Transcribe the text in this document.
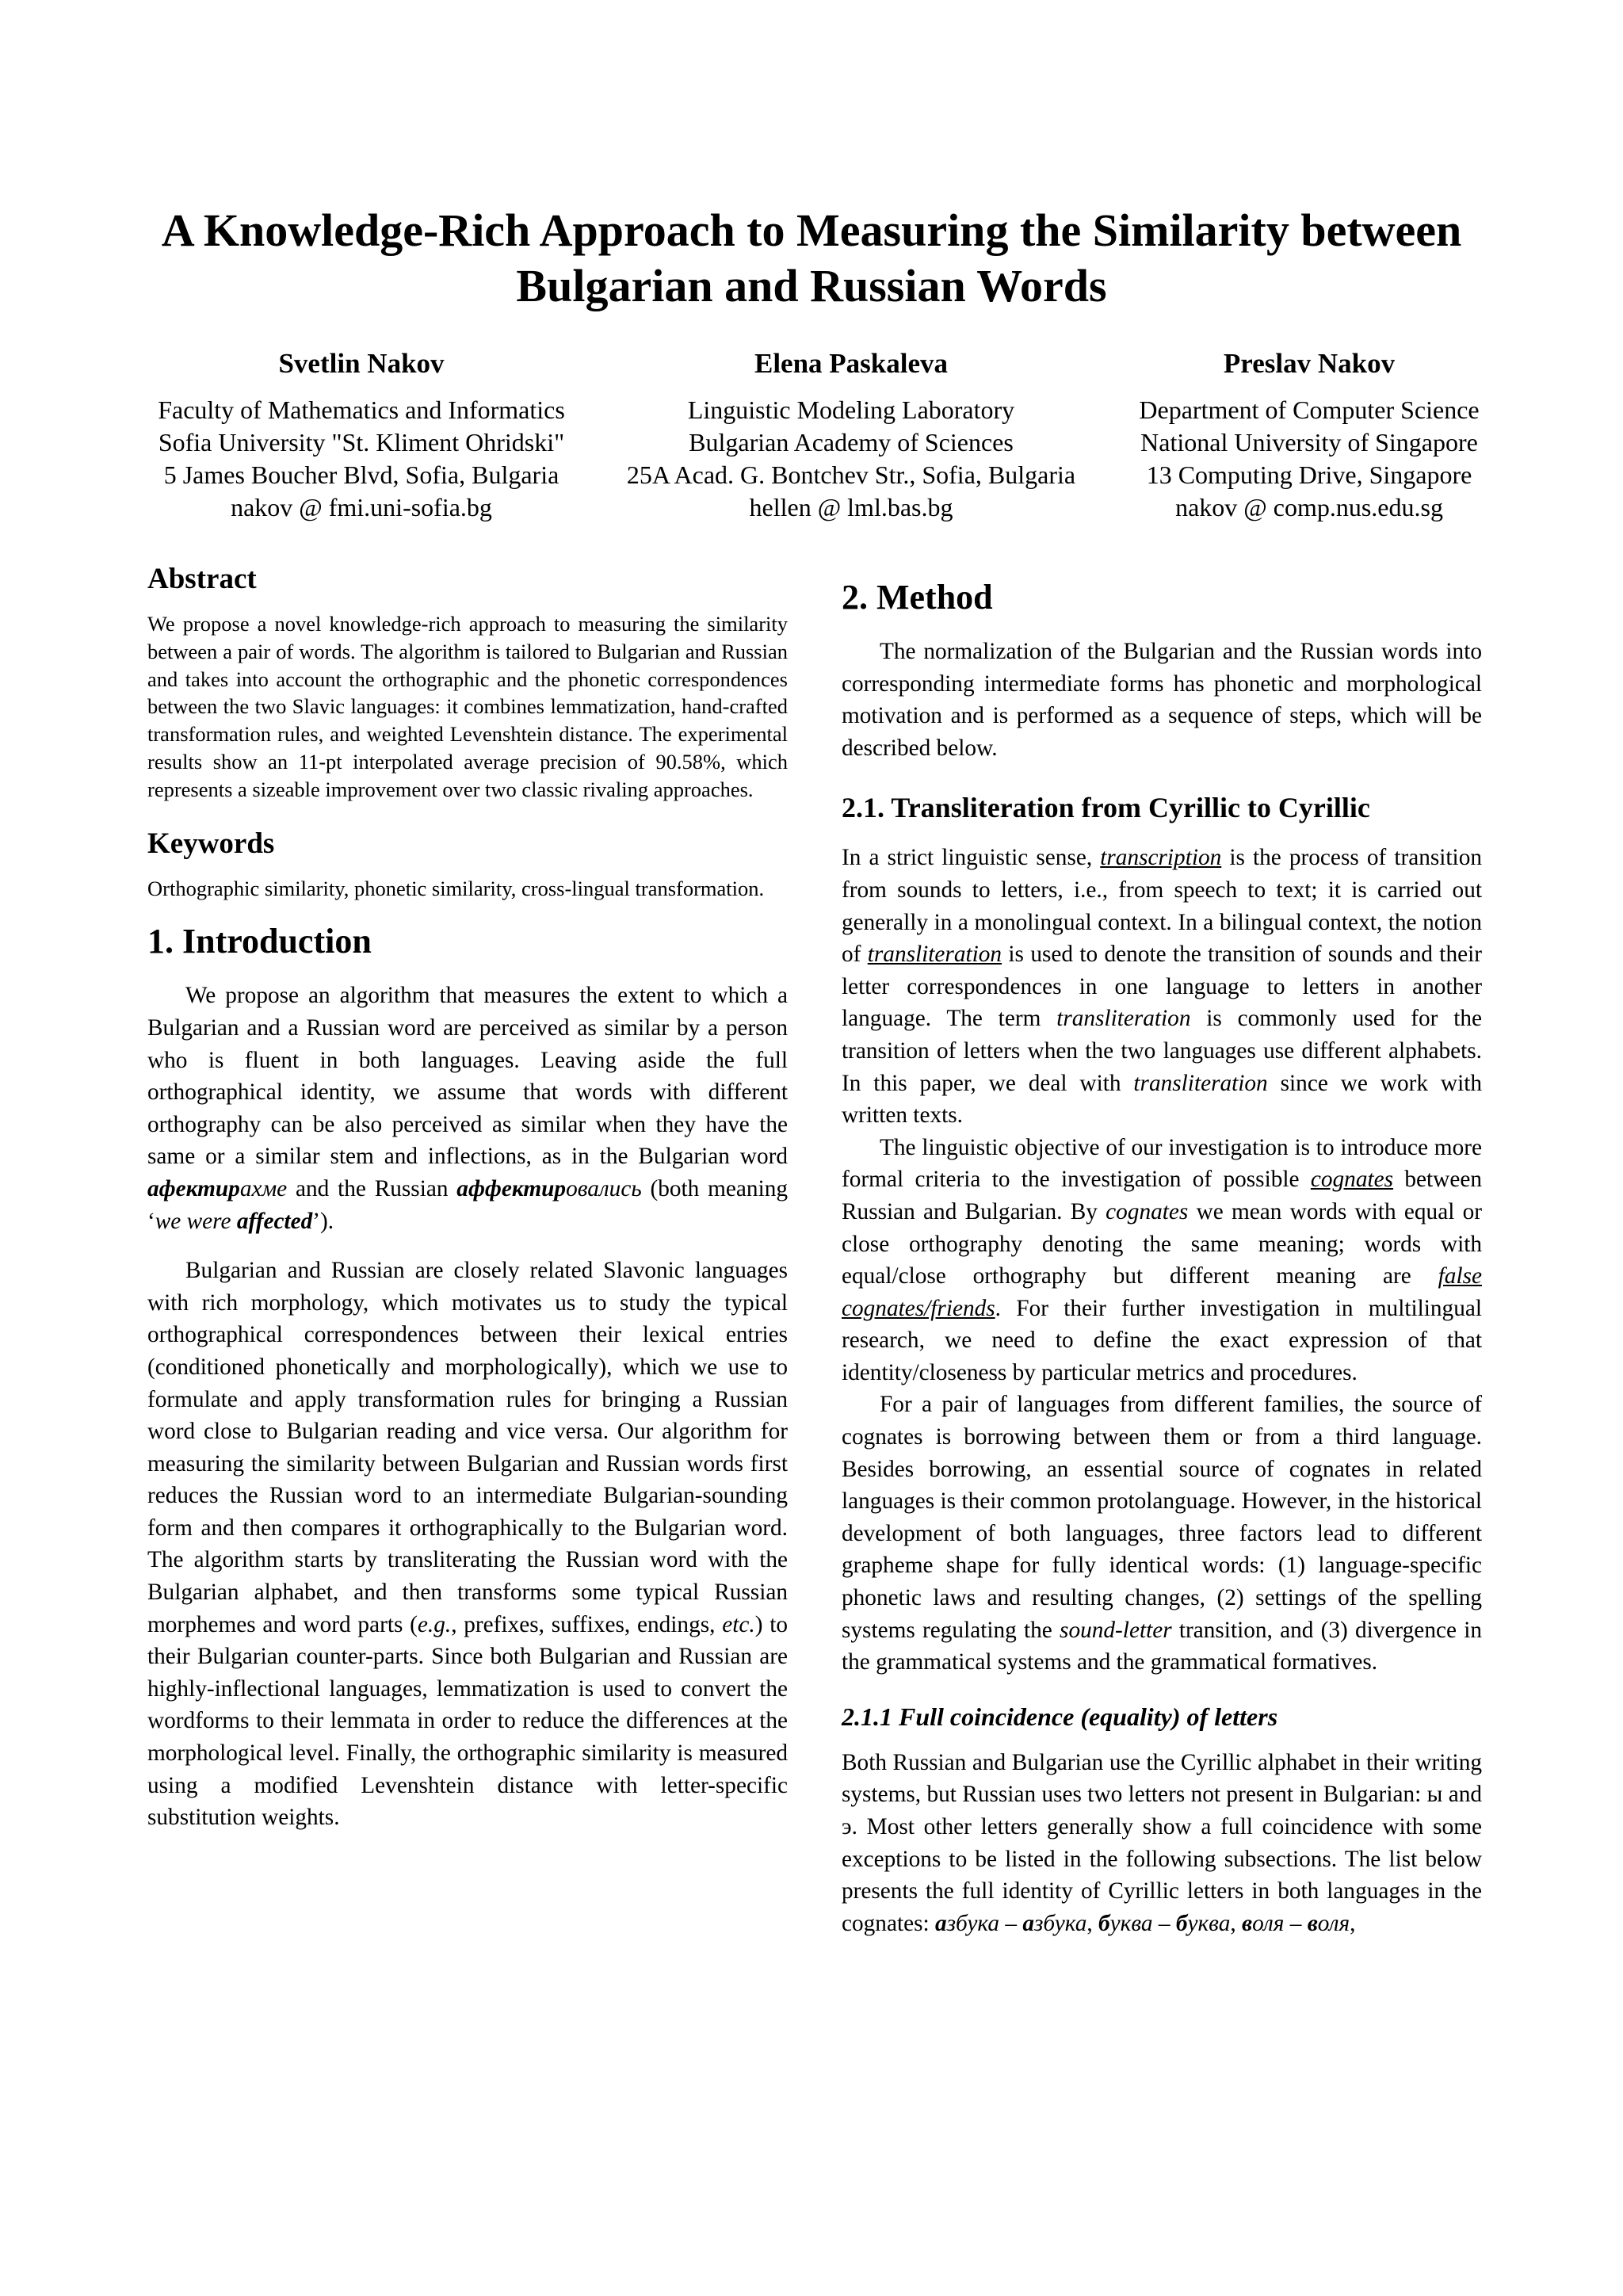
A Knowledge-Rich Approach to Measuring the Similarity between Bulgarian and Russian Words
Svetlin Nakov
Faculty of Mathematics and Informatics
Sofia University "St. Kliment Ohridski"
5 James Boucher Blvd, Sofia, Bulgaria
nakov @ fmi.uni-sofia.bg
Elena Paskaleva
Linguistic Modeling Laboratory
Bulgarian Academy of Sciences
25A Acad. G. Bontchev Str., Sofia, Bulgaria
hellen @ lml.bas.bg
Preslav Nakov
Department of Computer Science
National University of Singapore
13 Computing Drive, Singapore
nakov @ comp.nus.edu.sg
Abstract

We propose a novel knowledge-rich approach to measuring the similarity between a pair of words. The algorithm is tailored to Bulgarian and Russian and takes into account the orthographic and the phonetic correspondences between the two Slavic languages: it combines lemmatization, hand-crafted transformation rules, and weighted Levenshtein distance. The experimental results show an 11-pt interpolated average precision of 90.58%, which represents a sizeable improvement over two classic rivaling approaches.

Keywords

Orthographic similarity, phonetic similarity, cross-lingual transformation.

1. Introduction

We propose an algorithm that measures the extent to which a Bulgarian and a Russian word are perceived as similar by a person who is fluent in both languages. Leaving aside the full orthographical identity, we assume that words with different orthography can be also perceived as similar when they have the same or a similar stem and inflections, as in the Bulgarian word афектирахме and the Russian аффектировались (both meaning ‘we were affected’).

Bulgarian and Russian are closely related Slavonic languages with rich morphology, which motivates us to study the typical orthographical correspondences between their lexical entries (conditioned phonetically and morphologically), which we use to formulate and apply transformation rules for bringing a Russian word close to Bulgarian reading and vice versa. Our algorithm for measuring the similarity between Bulgarian and Russian words first reduces the Russian word to an intermediate Bulgarian-sounding form and then compares it orthographically to the Bulgarian word. The algorithm starts by transliterating the Russian word with the Bulgarian alphabet, and then transforms some typical Russian morphemes and word parts (e.g., prefixes, suffixes, endings, etc.) to their Bulgarian counter-parts. Since both Bulgarian and Russian are highly-inflectional languages, lemmatization is used to convert the wordforms to their lemmata in order to reduce the differences at the morphological level. Finally, the orthographic similarity is measured using a modified Levenshtein distance with letter-specific substitution weights.

2. Method

The normalization of the Bulgarian and the Russian words into corresponding intermediate forms has phonetic and morphological motivation and is performed as a sequence of steps, which will be described below.

2.1. Transliteration from Cyrillic to Cyrillic

In a strict linguistic sense, transcription is the process of transition from sounds to letters, i.e., from speech to text; it is carried out generally in a monolingual context. In a bilingual context, the notion of transliteration is used to denote the transition of sounds and their letter correspondences in one language to letters in another language. The term transliteration is commonly used for the transition of letters when the two languages use different alphabets. In this paper, we deal with transliteration since we work with written texts.

The linguistic objective of our investigation is to introduce more formal criteria to the investigation of possible cognates between Russian and Bulgarian. By cognates we mean words with equal or close orthography denoting the same meaning; words with equal/close orthography but different meaning are false cognates/friends. For their further investigation in multilingual research, we need to define the exact expression of that identity/closeness by particular metrics and procedures.

For a pair of languages from different families, the source of cognates is borrowing between them or from a third language. Besides borrowing, an essential source of cognates in related languages is their common protolanguage. However, in the historical development of both languages, three factors lead to different grapheme shape for fully identical words: (1) language-specific phonetic laws and resulting changes, (2) settings of the spelling systems regulating the sound-letter transition, and (3) divergence in the grammatical systems and the grammatical formatives.

2.1.1 Full coincidence (equality) of letters

Both Russian and Bulgarian use the Cyrillic alphabet in their writing systems, but Russian uses two letters not present in Bulgarian: ы and э. Most other letters generally show a full coincidence with some exceptions to be listed in the following subsections. The list below presents the full identity of Cyrillic letters in both languages in the cognates: азбука – азбука, буква – буква, воля – воля,
